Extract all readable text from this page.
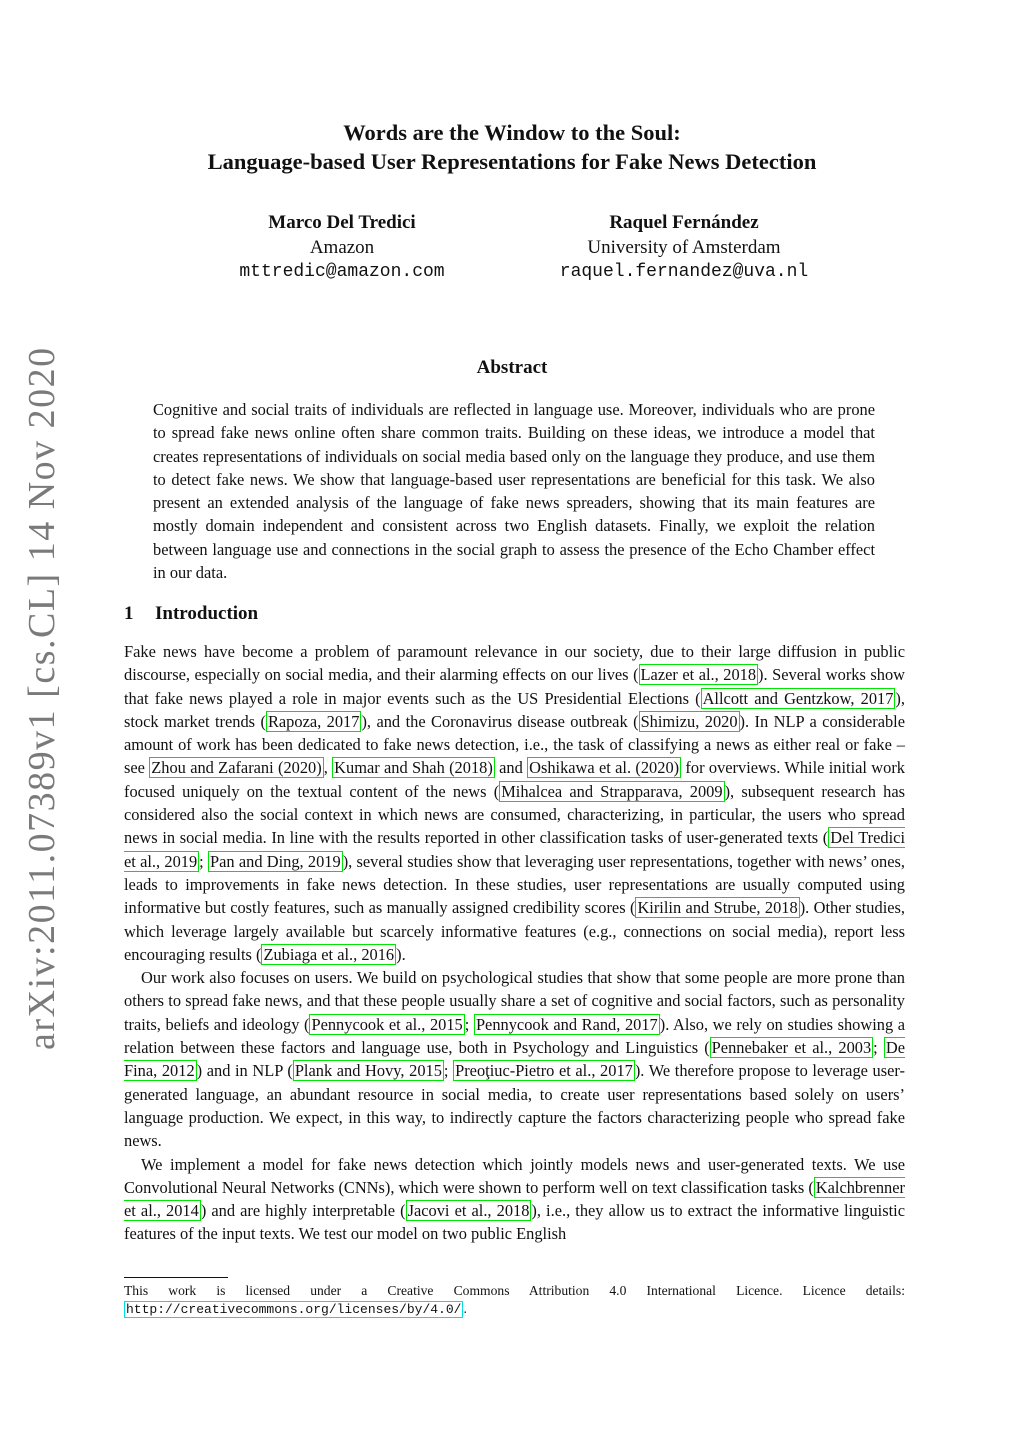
arXiv:2011.07389v1 [cs.CL] 14 Nov 2020
Words are the Window to the Soul:
Language-based User Representations for Fake News Detection
Marco Del Tredici
Amazon
mttredic@amazon.com
Raquel Fernández
University of Amsterdam
raquel.fernandez@uva.nl
Abstract

Cognitive and social traits of individuals are reflected in language use. Moreover, individuals who are prone to spread fake news online often share common traits. Building on these ideas, we introduce a model that creates representations of individuals on social media based only on the language they produce, and use them to detect fake news. We show that language-based user representations are beneficial for this task. We also present an extended analysis of the language of fake news spreaders, showing that its main features are mostly domain independent and consistent across two English datasets. Finally, we exploit the relation between language use and connections in the social graph to assess the presence of the Echo Chamber effect in our data.

1 Introduction

Fake news have become a problem of paramount relevance in our society, due to their large diffusion in public discourse, especially on social media, and their alarming effects on our lives ( Lazer et al., 2018 ). Several works show that fake news played a role in major events such as the US Presidential Elections ( Allcott and Gentzkow, 2017 ), stock market trends ( Rapoza, 2017 ), and the Coronavirus disease outbreak ( Shimizu, 2020 ). In NLP a considerable amount of work has been dedicated to fake news detection, i.e., the task of classifying a news as either real or fake – see Zhou and Zafarani (2020) , Kumar and Shah (2018) and Oshikawa et al. (2020) for overviews. While initial work focused uniquely on the textual content of the news ( Mihalcea and Strapparava, 2009 ), subsequent research has considered also the social context in which news are consumed, characterizing, in particular, the users who spread news in social media. In line with the results reported in other classification tasks of user-generated texts ( Del Tredici et al., 2019 ; Pan and Ding, 2019 ), several studies show that leveraging user representations, together with news’ ones, leads to improvements in fake news detection. In these studies, user representations are usually computed using informative but costly features, such as manually assigned credibility scores ( Kirilin and Strube, 2018 ). Other studies, which leverage largely available but scarcely informative features (e.g., connections on social media), report less encouraging results ( Zubiaga et al., 2016 ).

Our work also focuses on users. We build on psychological studies that show that some people are more prone than others to spread fake news, and that these people usually share a set of cognitive and social factors, such as personality traits, beliefs and ideology ( Pennycook et al., 2015 ; Pennycook and Rand, 2017 ). Also, we rely on studies showing a relation between these factors and language use, both in Psychology and Linguistics ( Pennebaker et al., 2003 ; De Fina, 2012 ) and in NLP ( Plank and Hovy, 2015 ; Preoţiuc-Pietro et al., 2017 ). We therefore propose to leverage user-generated language, an abundant resource in social media, to create user representations based solely on users’ language production. We expect, in this way, to indirectly capture the factors characterizing people who spread fake news.

We implement a model for fake news detection which jointly models news and user-generated texts. We use Convolutional Neural Networks (CNNs), which were shown to perform well on text classification tasks ( Kalchbrenner et al., 2014 ) and are highly interpretable ( Jacovi et al., 2018 ), i.e., they allow us to extract the informative linguistic features of the input texts. We test our model on two public English

This work is licensed under a Creative Commons Attribution 4.0 International Licence. Licence details: http://creativecommons.org/licenses/by/4.0/ .
